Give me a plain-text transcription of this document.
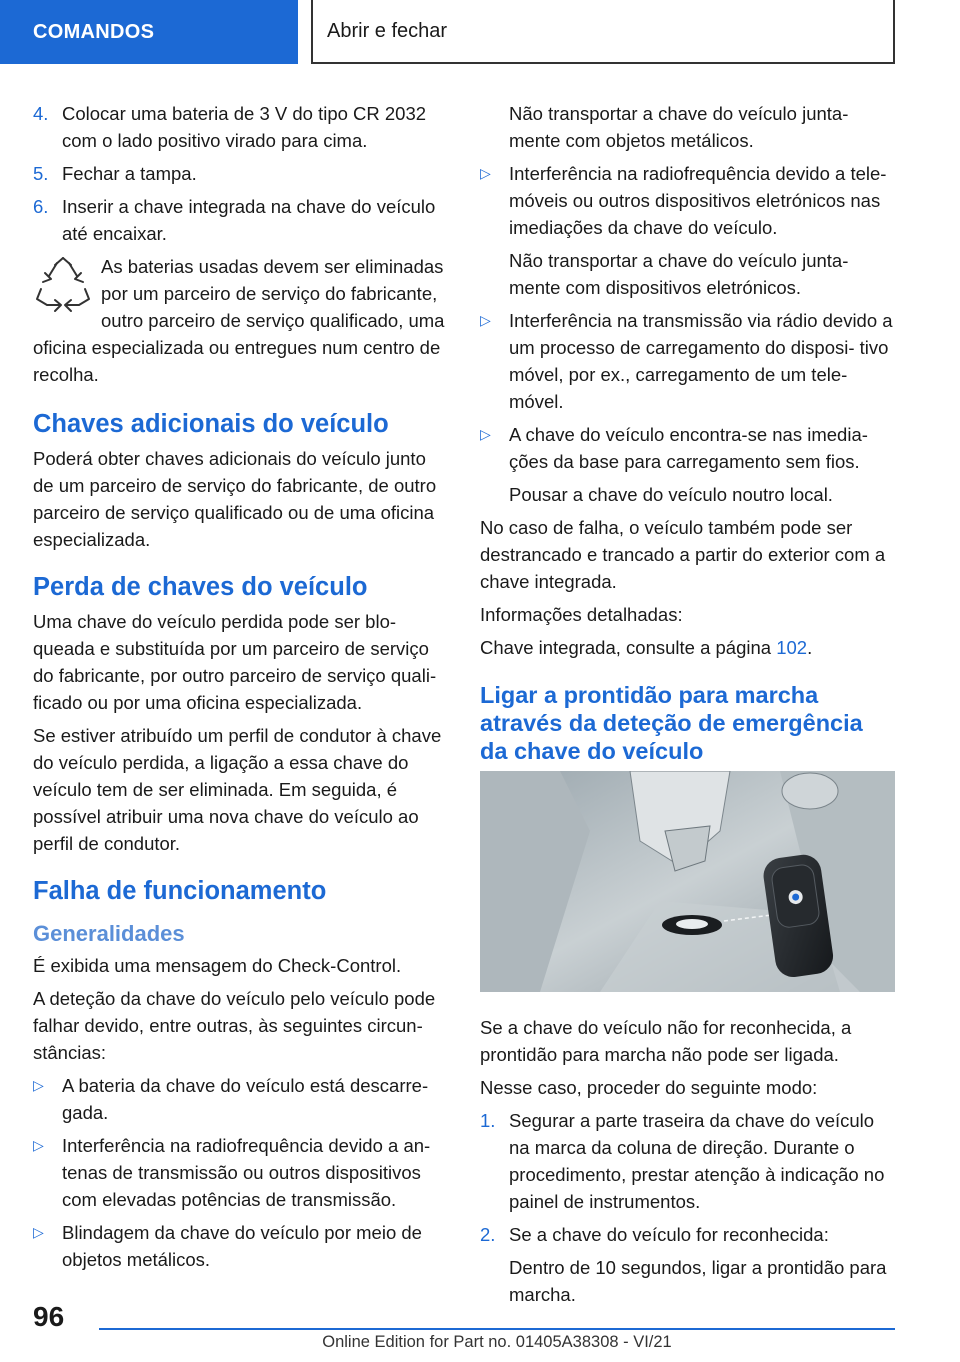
COMANDOS	Abrir e fechar
4. Colocar uma bateria de 3 V do tipo CR 2032 com o lado positivo virado para cima.
5. Fechar a tampa.
6. Inserir a chave integrada na chave do veículo até encaixar.
As baterias usadas devem ser eliminadas por um parceiro de serviço do fabricante, outro parceiro de serviço qualificado, uma oficina especializada ou entregues num centro de recolha.
Chaves adicionais do veículo

Poderá obter chaves adicionais do veículo junto de um parceiro de serviço do fabricante, de outro parceiro de serviço qualificado ou de uma oficina especializada.

Perda de chaves do veículo

Uma chave do veículo perdida pode ser blo‐ queada e substituída por um parceiro de serviço do fabricante, por outro parceiro de serviço quali‐ ficado ou por uma oficina especializada.

Se estiver atribuído um perfil de condutor à chave do veículo perdida, a ligação a essa chave do veículo tem de ser eliminada. Em seguida, é possível atribuir uma nova chave do veículo ao perfil de condutor.

Falha de funcionamento
Generalidades

É exibida uma mensagem do Check-Control.

A deteção da chave do veículo pelo veículo pode falhar devido, entre outras, às seguintes circun‐ stâncias:

▷ A bateria da chave do veículo está descarre‐ gada.
▷ Interferência na radiofrequência devido a an‐ tenas de transmissão ou outros dispositivos com elevadas potências de transmissão.
▷ Blindagem da chave do veículo por meio de objetos metálicos.

Não transportar a chave do veículo junta‐ mente com objetos metálicos.

▷ Interferência na radiofrequência devido a tele‐ móveis ou outros dispositivos eletrónicos nas imediações da chave do veículo.

Não transportar a chave do veículo junta‐ mente com dispositivos eletrónicos.

▷ Interferência na transmissão via rádio devido a um processo de carregamento do disposi‐ tivo móvel, por ex., carregamento de um tele‐ móvel.
▷ A chave do veículo encontra-se nas imedia‐ ções da base para carregamento sem fios.

Pousar a chave do veículo noutro local.

No caso de falha, o veículo também pode ser destrancado e trancado a partir do exterior com a chave integrada.

Informações detalhadas:

Chave integrada, consulte a página 102.

Ligar a prontidão para marcha através da deteção de emergência da chave do veículo

Se a chave do veículo não for reconhecida, a prontidão para marcha não pode ser ligada.

Nesse caso, proceder do seguinte modo:

1. Segurar a parte traseira da chave do veículo na marca da coluna de direção. Durante o procedimento, prestar atenção à indicação no painel de instrumentos.
2. Se a chave do veículo for reconhecida:

Dentro de 10 segundos, ligar a prontidão para marcha.

96
Online Edition for Part no. 01405A38308 - VI/21
